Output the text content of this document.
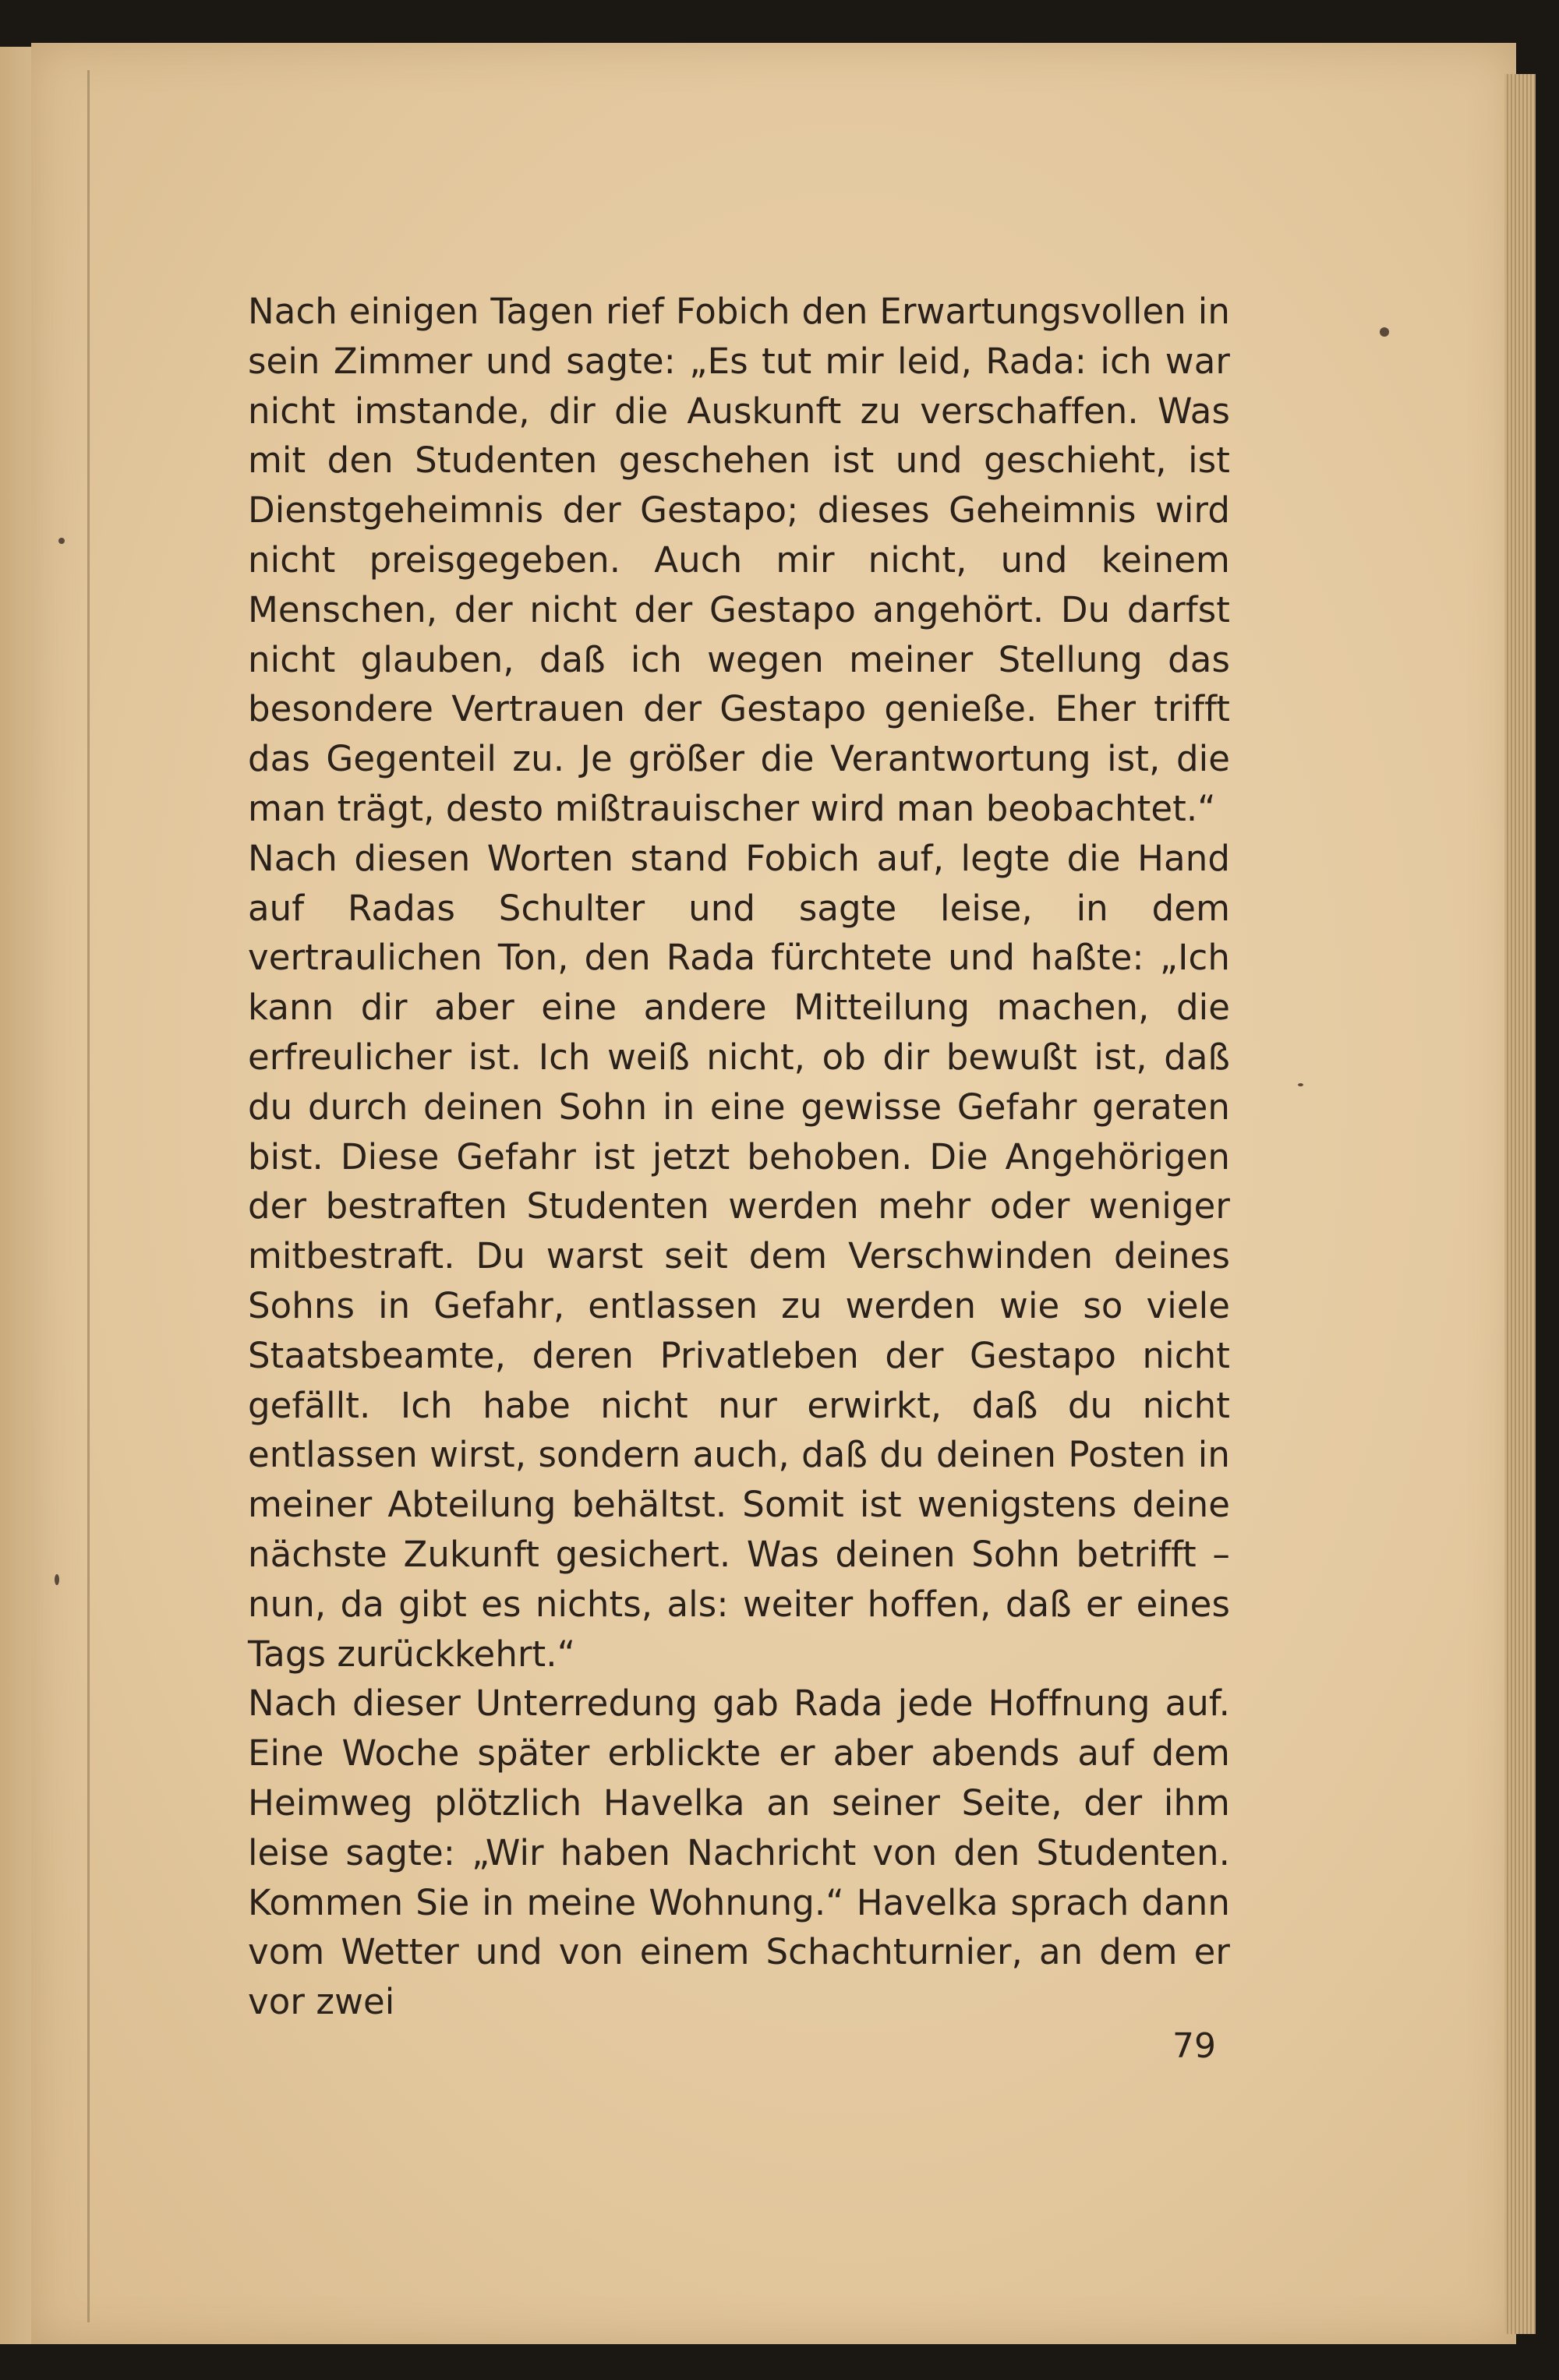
Nach einigen Tagen rief Fobich den Erwartungsvollen in sein Zimmer und sagte: „Es tut mir leid, Rada: ich war nicht imstande, dir die Auskunft zu verschaffen. Was mit den Studenten geschehen ist und geschieht, ist Dienstgeheimnis der Gestapo; dieses Geheimnis wird nicht preisgegeben. Auch mir nicht, und keinem Menschen, der nicht der Gestapo angehört. Du darfst nicht glauben, daß ich wegen meiner Stellung das besondere Vertrauen der Gestapo genieße. Eher trifft das Gegenteil zu. Je größer die Verantwortung ist, die man trägt, desto mißtrauischer wird man beobachtet.“

Nach diesen Worten stand Fobich auf, legte die Hand auf Radas Schulter und sagte leise, in dem vertraulichen Ton, den Rada fürchtete und haßte: „Ich kann dir aber eine andere Mitteilung machen, die erfreulicher ist. Ich weiß nicht, ob dir bewußt ist, daß du durch deinen Sohn in eine gewisse Gefahr geraten bist. Diese Gefahr ist jetzt behoben. Die Angehörigen der bestraften Studenten werden mehr oder weniger mitbestraft. Du warst seit dem Verschwinden deines Sohns in Gefahr, entlassen zu werden wie so viele Staatsbeamte, deren Privatleben der Gestapo nicht gefällt. Ich habe nicht nur erwirkt, daß du nicht entlassen wirst, sondern auch, daß du deinen Posten in meiner Abteilung behältst. Somit ist wenigstens deine nächste Zukunft gesichert. Was deinen Sohn betrifft – nun, da gibt es nichts, als: weiter hoffen, daß er eines Tags zurückkehrt.“

Nach dieser Unterredung gab Rada jede Hoffnung auf. Eine Woche später erblickte er aber abends auf dem Heimweg plötzlich Havelka an seiner Seite, der ihm leise sagte: „Wir haben Nachricht von den Studenten. Kommen Sie in meine Wohnung.“ Havelka sprach dann vom Wetter und von einem Schachturnier, an dem er vor zwei

79
